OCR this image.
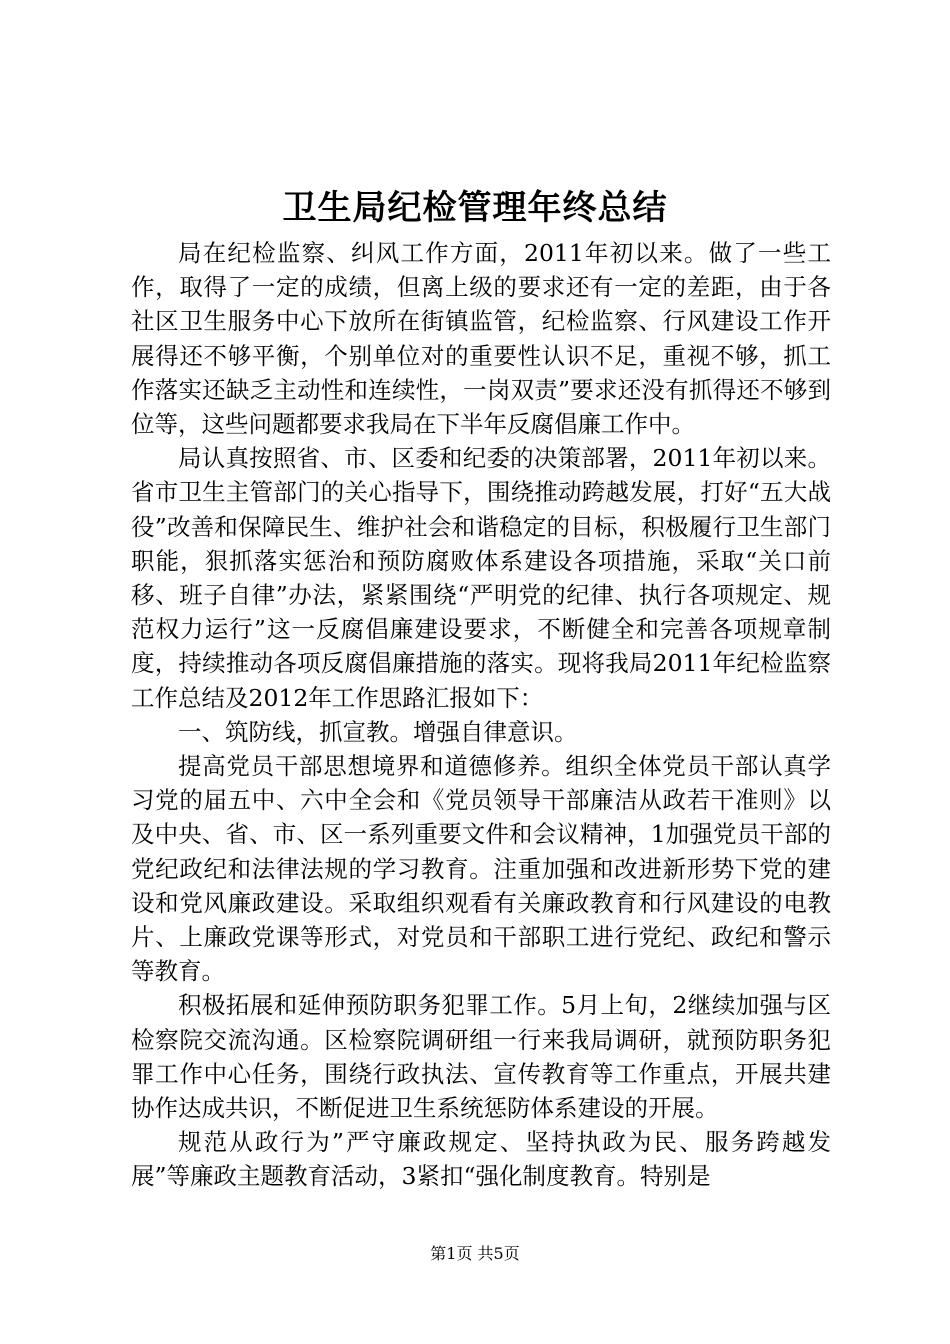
卫生局纪检管理年终总结

局在纪检监察、纠风工作方面，2011年初以来。做了一些工作，取得了一定的成绩，但离上级的要求还有一定的差距，由于各社区卫生服务中心下放所在街镇监管，纪检监察、行风建设工作开展得还不够平衡，个别单位对的重要性认识不足，重视不够，抓工作落实还缺乏主动性和连续性，一岗双责”要求还没有抓得还不够到位等，这些问题都要求我局在下半年反腐倡廉工作中。

局认真按照省、市、区委和纪委的决策部署，2011年初以来。省市卫生主管部门的关心指导下，围绕推动跨越发展，打好“五大战役”改善和保障民生、维护社会和谐稳定的目标，积极履行卫生部门职能，狠抓落实惩治和预防腐败体系建设各项措施，采取“关口前移、班子自律”办法，紧紧围绕“严明党的纪律、执行各项规定、规范权力运行”这一反腐倡廉建设要求，不断健全和完善各项规章制度，持续推动各项反腐倡廉措施的落实。现将我局2011年纪检监察工作总结及2012年工作思路汇报如下：

一、筑防线，抓宣教。增强自律意识。

提高党员干部思想境界和道德修养。组织全体党员干部认真学习党的届五中、六中全会和《党员领导干部廉洁从政若干准则》以及中央、省、市、区一系列重要文件和会议精神，1加强党员干部的党纪政纪和法律法规的学习教育。注重加强和改进新形势下党的建设和党风廉政建设。采取组织观看有关廉政教育和行风建设的电教片、上廉政党课等形式，对党员和干部职工进行党纪、政纪和警示等教育。

积极拓展和延伸预防职务犯罪工作。5月上旬，2继续加强与区检察院交流沟通。区检察院调研组一行来我局调研，就预防职务犯罪工作中心任务，围绕行政执法、宣传教育等工作重点，开展共建协作达成共识，不断促进卫生系统惩防体系建设的开展。

规范从政行为”严守廉政规定、坚持执政为民、服务跨越发展”等廉政主题教育活动，3紧扣“强化制度教育。特别是

第1页 共5页
